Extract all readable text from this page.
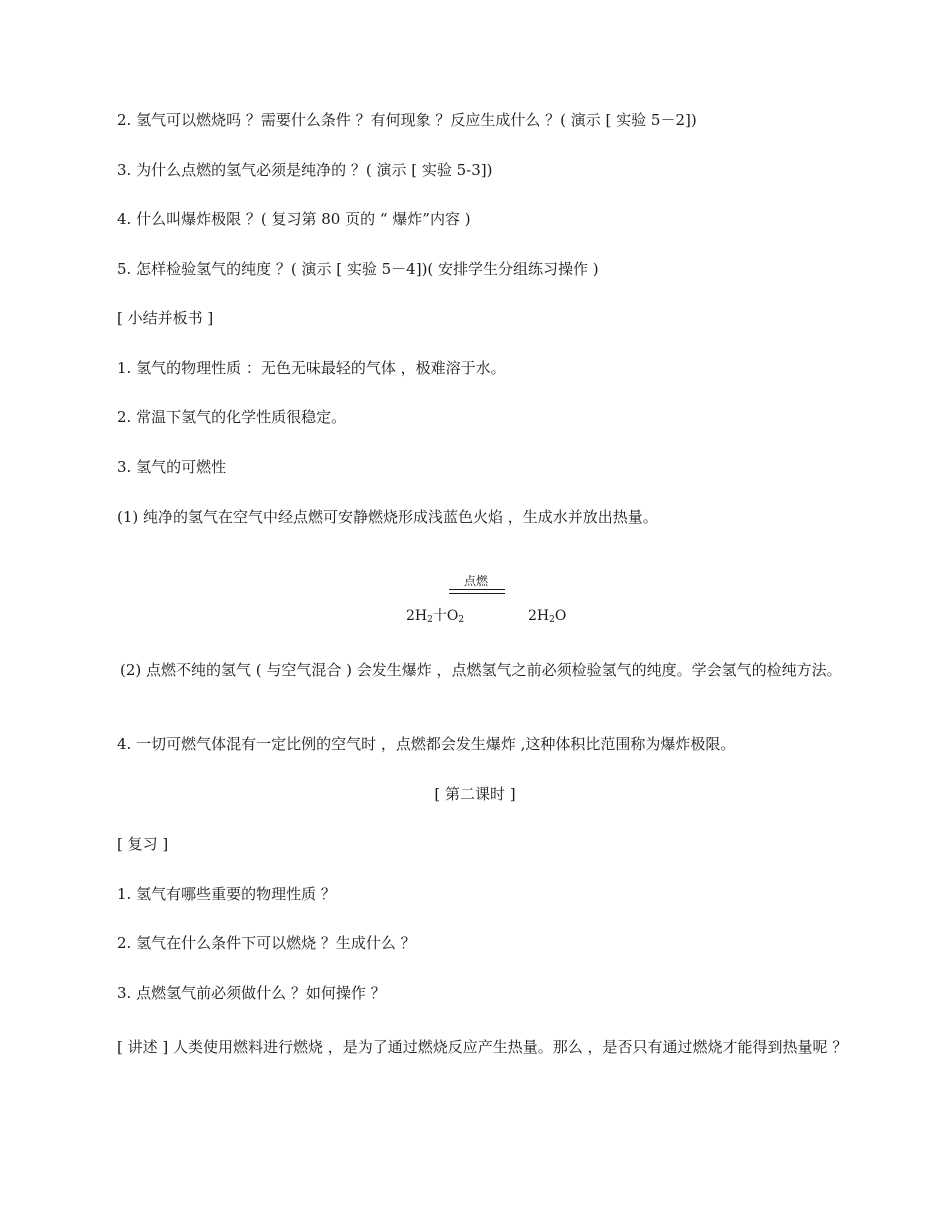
2. 氢气可以燃烧吗 ？需要什么条件 ？有何现象 ？反应生成什么 ？( 演示 [ 实验 5－2])
3. 为什么点燃的氢气必须是纯净的 ？( 演示 [ 实验 5-3])
4. 什么叫爆炸极限 ？( 复习第 80 页的 “ 爆炸”内容 )
5. 怎样检验氢气的纯度 ？( 演示 [ 实验 5－4])( 安排学生分组练习操作 )
[ 小结并板书 ]
1. 氢气的物理性质 ：无色无味最轻的气体 ，极难溶于水。
2. 常温下氢气的化学性质很稳定。
3. 氢气的可燃性
(1) 纯净的氢气在空气中经点燃可安静燃烧形成浅蓝色火焰 ，生成水并放出热量。
点燃
$2H_2$十$O_2$	$2H_2O$
(2) 点燃不纯的氢气 ( 与空气混合 ) 会发生爆炸 ，点燃氢气之前必须检验氢气的纯度。学会氢气的检纯方法。
4. 一切可燃气体混有一定比例的空气时 ，点燃都会发生爆炸 ,这种体积比范围称为爆炸极限。
[ 第二课时 ]
[ 复习 ]
1. 氢气有哪些重要的物理性质 ？
2. 氢气在什么条件下可以燃烧 ？生成什么 ？
3. 点燃氢气前必须做什么 ？如何操作 ？
[ 讲述 ] 人类使用燃料进行燃烧 ，是为了通过燃烧反应产生热量。那么 ，是否只有通过燃烧才能得到热量呢 ？
